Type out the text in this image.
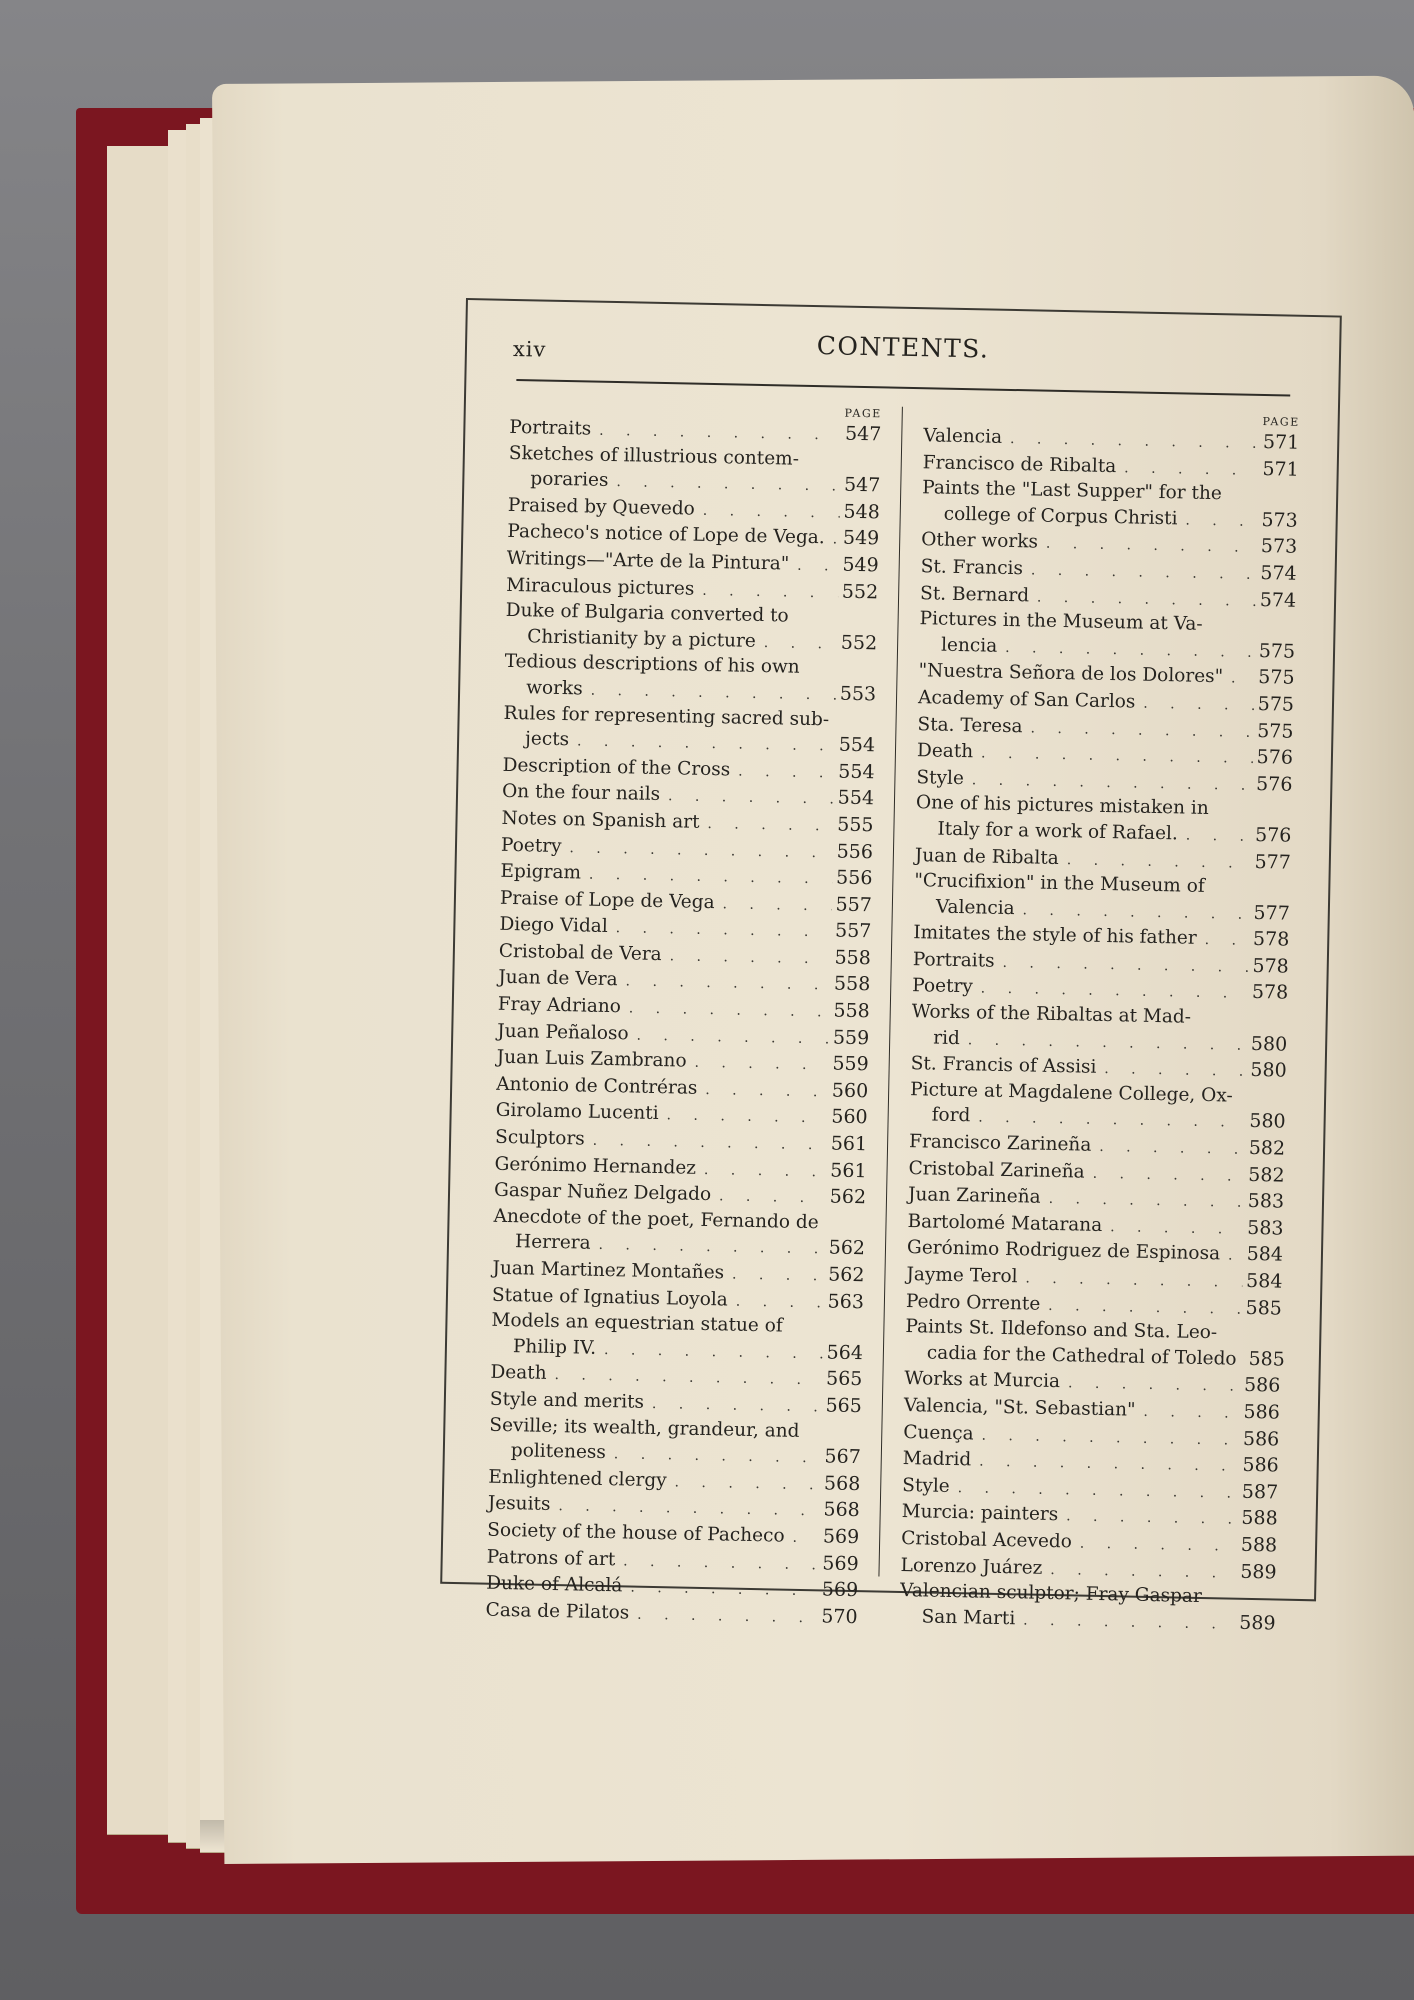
xiv	CONTENTS.
PAGE
Portraits . . .	547
Sketches of illustrious contem-
poraries . . .	547
Praised by Quevedo . . .	548
Pacheco's notice of Lope de Vega. . . . 549
Writings—"Arte de la Pintura" . . .	549
Miraculous pictures . . .	552
Duke of Bulgaria converted to
Christianity by a picture . . .	552
Tedious descriptions of his own
works . . .	553
Rules for representing sacred sub-
jects . . .	554
Description of the Cross . . .	554
On the four nails . . .	554
Notes on Spanish art . . .	555
Poetry . . .	556
Epigram . . .	556
Praise of Lope de Vega . . .	557
Diego Vidal . . .	557
Cristobal de Vera . . .	558
Juan de Vera . . .	558
Fray Adriano . . .	558
Juan Peñaloso . . .	559
Juan Luis Zambrano . . .	559
Antonio de Contréras . . .	560
Girolamo Lucenti . . .	560
Sculptors . . .	561
Gerónimo Hernandez . . .	561
Gaspar Nuñez Delgado . . .	562
Anecdote of the poet, Fernando de
Herrera . . .	562
Juan Martinez Montañes . . .	562
Statue of Ignatius Loyola . . .	563
Models an equestrian statue of
Philip IV. . . .	564
Death . . .	565
Style and merits . . .	565
Seville; its wealth, grandeur, and
politeness . . .	567
Enlightened clergy . . .	568
Jesuits . . .	568
Society of the house of Pacheco . . . 569
Patrons of art . . .	569
Duke of Alcalá . . .	569
Casa de Pilatos . . .	570
PAGE
Valencia . . .	571
Francisco de Ribalta . . .	571
Paints the "Last Supper" for the
college of Corpus Christi . . .	573
Other works . . .	573
St. Francis . . .	574
St. Bernard . . .	574
Pictures in the Museum at Va-
lencia . . .	575
"Nuestra Señora de los Dolores" . . . 575
Academy of San Carlos . . .	575
Sta. Teresa . . .	575
Death . . .	576
Style . . .	576
One of his pictures mistaken in
Italy for a work of Rafael. . . .	576
Juan de Ribalta . . .	577
"Crucifixion" in the Museum of
Valencia . . .	577
Imitates the style of his father . . .	578
Portraits . . .	578
Poetry . . .	578
Works of the Ribaltas at Mad-
rid . . .	580
St. Francis of Assisi . . .	580
Picture at Magdalene College, Ox-
ford . . .	580
Francisco Zarineña . . .	582
Cristobal Zarineña . . .	582
Juan Zarineña . . .	583
Bartolomé Matarana . . .	583
Gerónimo Rodriguez de Espinosa . . . 584
Jayme Terol . . .	584
Pedro Orrente . . .	585
Paints St. Ildefonso and Sta. Leo-
cadia for the Cathedral of Toledo . . . 585
Works at Murcia . . .	586
Valencia, "St. Sebastian" . . .	586
Cuença . . .	586
Madrid . . .	586
Style . . .	587
Murcia: painters . . .	588
Cristobal Acevedo . . .	588
Lorenzo Juárez . . .	589
Valencian sculptor; Fray Gaspar
San Marti . . .	589
